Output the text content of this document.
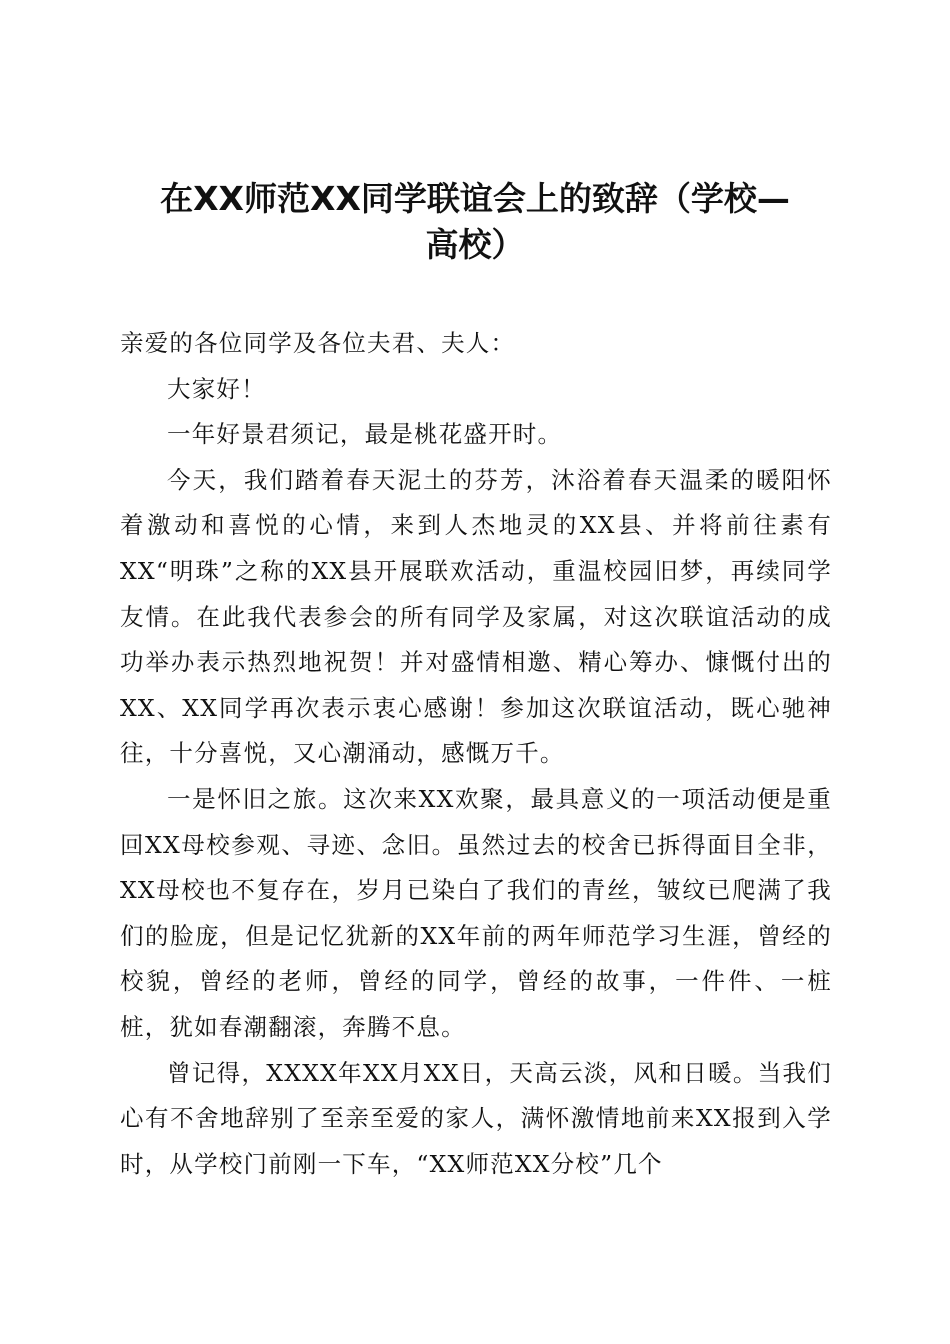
在XX师范XX同学联谊会上的致辞（学校—
高校）

亲爱的各位同学及各位夫君、夫人：

大家好！

一年好景君须记，最是桃花盛开时。

今天，我们踏着春天泥土的芬芳，沐浴着春天温柔的暖阳怀着激动和喜悦的心情，来到人杰地灵的XX县、并将前往素有XX“明珠”之称的XX县开展联欢活动，重温校园旧梦，再续同学友情。在此我代表参会的所有同学及家属，对这次联谊活动的成功举办表示热烈地祝贺！并对盛情相邀、精心筹办、慷慨付出的XX、XX同学再次表示衷心感谢！参加这次联谊活动，既心驰神往，十分喜悦，又心潮涌动，感慨万千。

一是怀旧之旅。这次来XX欢聚，最具意义的一项活动便是重回XX母校参观、寻迹、念旧。虽然过去的校舍已拆得面目全非，XX母校也不复存在，岁月已染白了我们的青丝，皱纹已爬满了我们的脸庞，但是记忆犹新的XX年前的两年师范学习生涯，曾经的校貌，曾经的老师，曾经的同学，曾经的故事，一件件、一桩桩，犹如春潮翻滚，奔腾不息。

曾记得，XXXX年XX月XX日，天高云淡，风和日暖。当我们心有不舍地辞别了至亲至爱的家人，满怀激情地前来XX报到入学时，从学校门前刚一下车，“XX师范XX分校”几个
